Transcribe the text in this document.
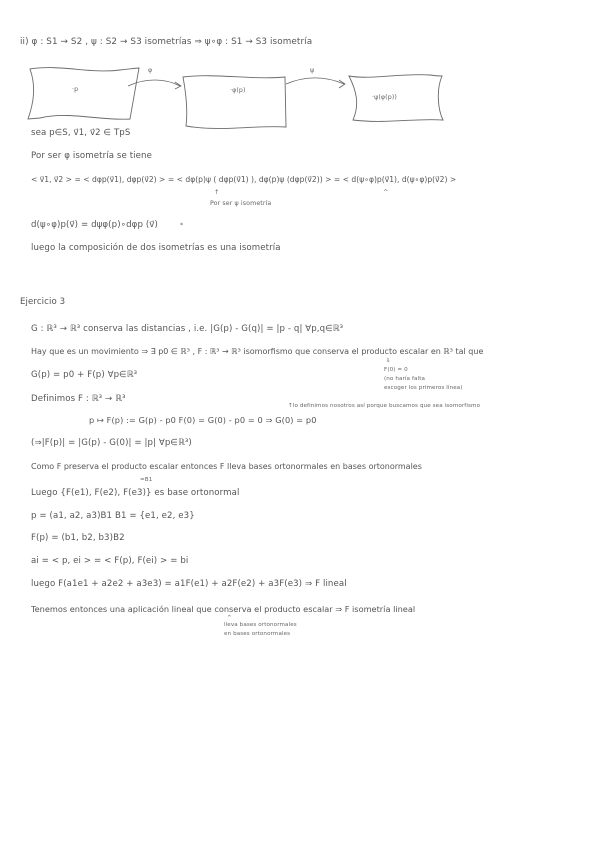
ii) φ : S1 → S2 , ψ : S2 → S3 isometrías ⇒ ψ∘φ : S1 → S3 isometría
φ	ψ
·p	·φ(p)
·ψ(φ(p))
sea p∈S, v⃗1, v⃗2 ∈ TpS
Por ser φ isometría se tiene
< v⃗1, v⃗2 > = < dφp(v⃗1), dφp(v⃗2) > = < dφ(p)ψ ( dφp(v⃗1) ), dφ(p)ψ (dφp(v⃗2)) > = < d(ψ∘φ)p(v⃗1), d(ψ∘φ)p(v⃗2) >
↑	^
Por ser ψ isometría
d(ψ∘φ)p(v⃗) = dψφ(p)∘dφp (v⃗)	*
luego la composición de dos isometrías es una isometría
Ejercicio 3
G : ℝ³ → ℝ³ conserva las distancias , i.e. |G(p) - G(q)| = |p - q| ∀p,q∈ℝ³
Hay que es un movimiento ⇒ ∃ p0 ∈ ℝ³ , F : ℝ³ → ℝ³ isomorfismo que conserva el producto escalar en ℝ³ tal que
G(p) = p0 + F(p) ∀p∈ℝ³
⇓
F(0) = 0
(no haría falta
escoger los primeros línea)
Definimos F : ℝ³ → ℝ³
↑lo definimos nosotros así porque buscamos que sea isomorfismo
p ↦ F(p) := G(p) - p0 F(0) = G(0) - p0 = 0 ⇒ G(0) = p0
(⇒|F(p)| = |G(p) - G(0)| = |p| ∀p∈ℝ³)
Como F preserva el producto escalar entonces F lleva bases ortonormales en bases ortonormales
=B1
Luego {F(e1), F(e2), F(e3)} es base ortonormal
p = (a1, a2, a3)B1 B1 = {e1, e2, e3}
F(p) = (b1, b2, b3)B2
ai = < p, ei > = < F(p), F(ei) > = bi
luego F(a1e1 + a2e2 + a3e3) = a1F(e1) + a2F(e2) + a3F(e3) ⇒ F lineal
Tenemos entonces una aplicación lineal que conserva el producto escalar ⇒ F isometría lineal
^
lleva bases ortonormales
en bases ortonormales
